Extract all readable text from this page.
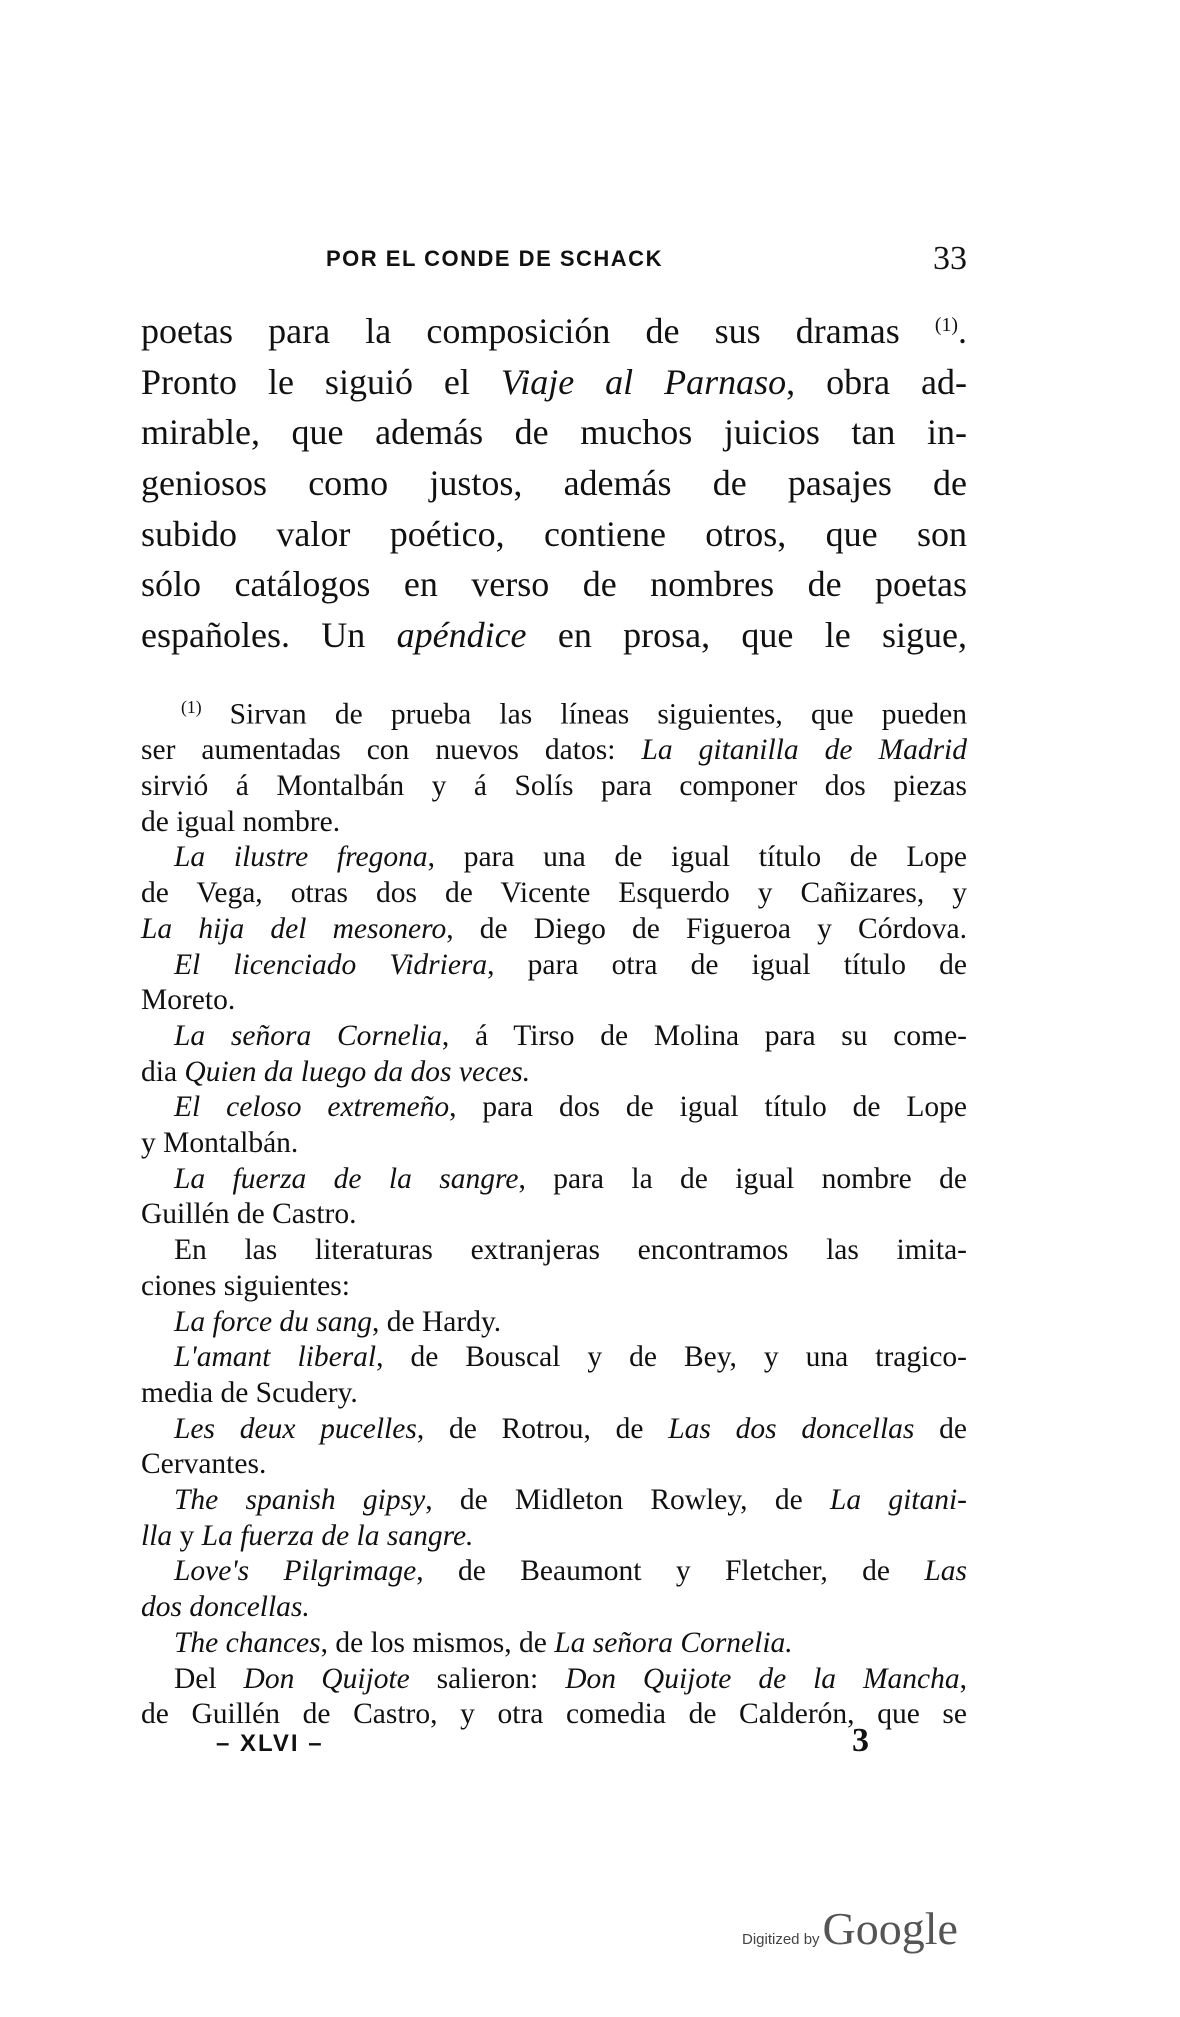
POR EL CONDE DE SCHACK	33
poetas para la composición de sus dramas $^{(1)}$.
Pronto le siguió el Viaje al Parnaso, obra ad-
mirable, que además de muchos juicios tan in-
geniosos como justos, además de pasajes de
subido valor poético, contiene otros, que son
sólo catálogos en verso de nombres de poetas
españoles. Un apéndice en prosa, que le sigue,
$^{(1)}$ Sirvan de prueba las líneas siguientes, que pueden
ser aumentadas con nuevos datos: La gitanilla de Madrid
sirvió á Montalbán y á Solís para componer dos piezas
de igual nombre.
La ilustre fregona, para una de igual título de Lope
de Vega, otras dos de Vicente Esquerdo y Cañizares, y
La hija del mesonero, de Diego de Figueroa y Córdova.
El licenciado Vidriera, para otra de igual título de
Moreto.
La señora Cornelia, á Tirso de Molina para su come-
dia Quien da luego da dos veces.
El celoso extremeño, para dos de igual título de Lope
y Montalbán.
La fuerza de la sangre, para la de igual nombre de
Guillén de Castro.
En las literaturas extranjeras encontramos las imita-
ciones siguientes:
La force du sang, de Hardy.
L'amant liberal, de Bouscal y de Bey, y una tragico-
media de Scudery.
Les deux pucelles, de Rotrou, de Las dos doncellas de
Cervantes.
The spanish gipsy, de Midleton Rowley, de La gitani-
lla y La fuerza de la sangre.
Love's Pilgrimage, de Beaumont y Fletcher, de Las
dos doncellas.
The chances, de los mismos, de La señora Cornelia.
Del Don Quijote salieron: Don Quijote de la Mancha,
de Guillén de Castro, y otra comedia de Calderón, que se
– XLVI –	3
Digitized byGoogle
